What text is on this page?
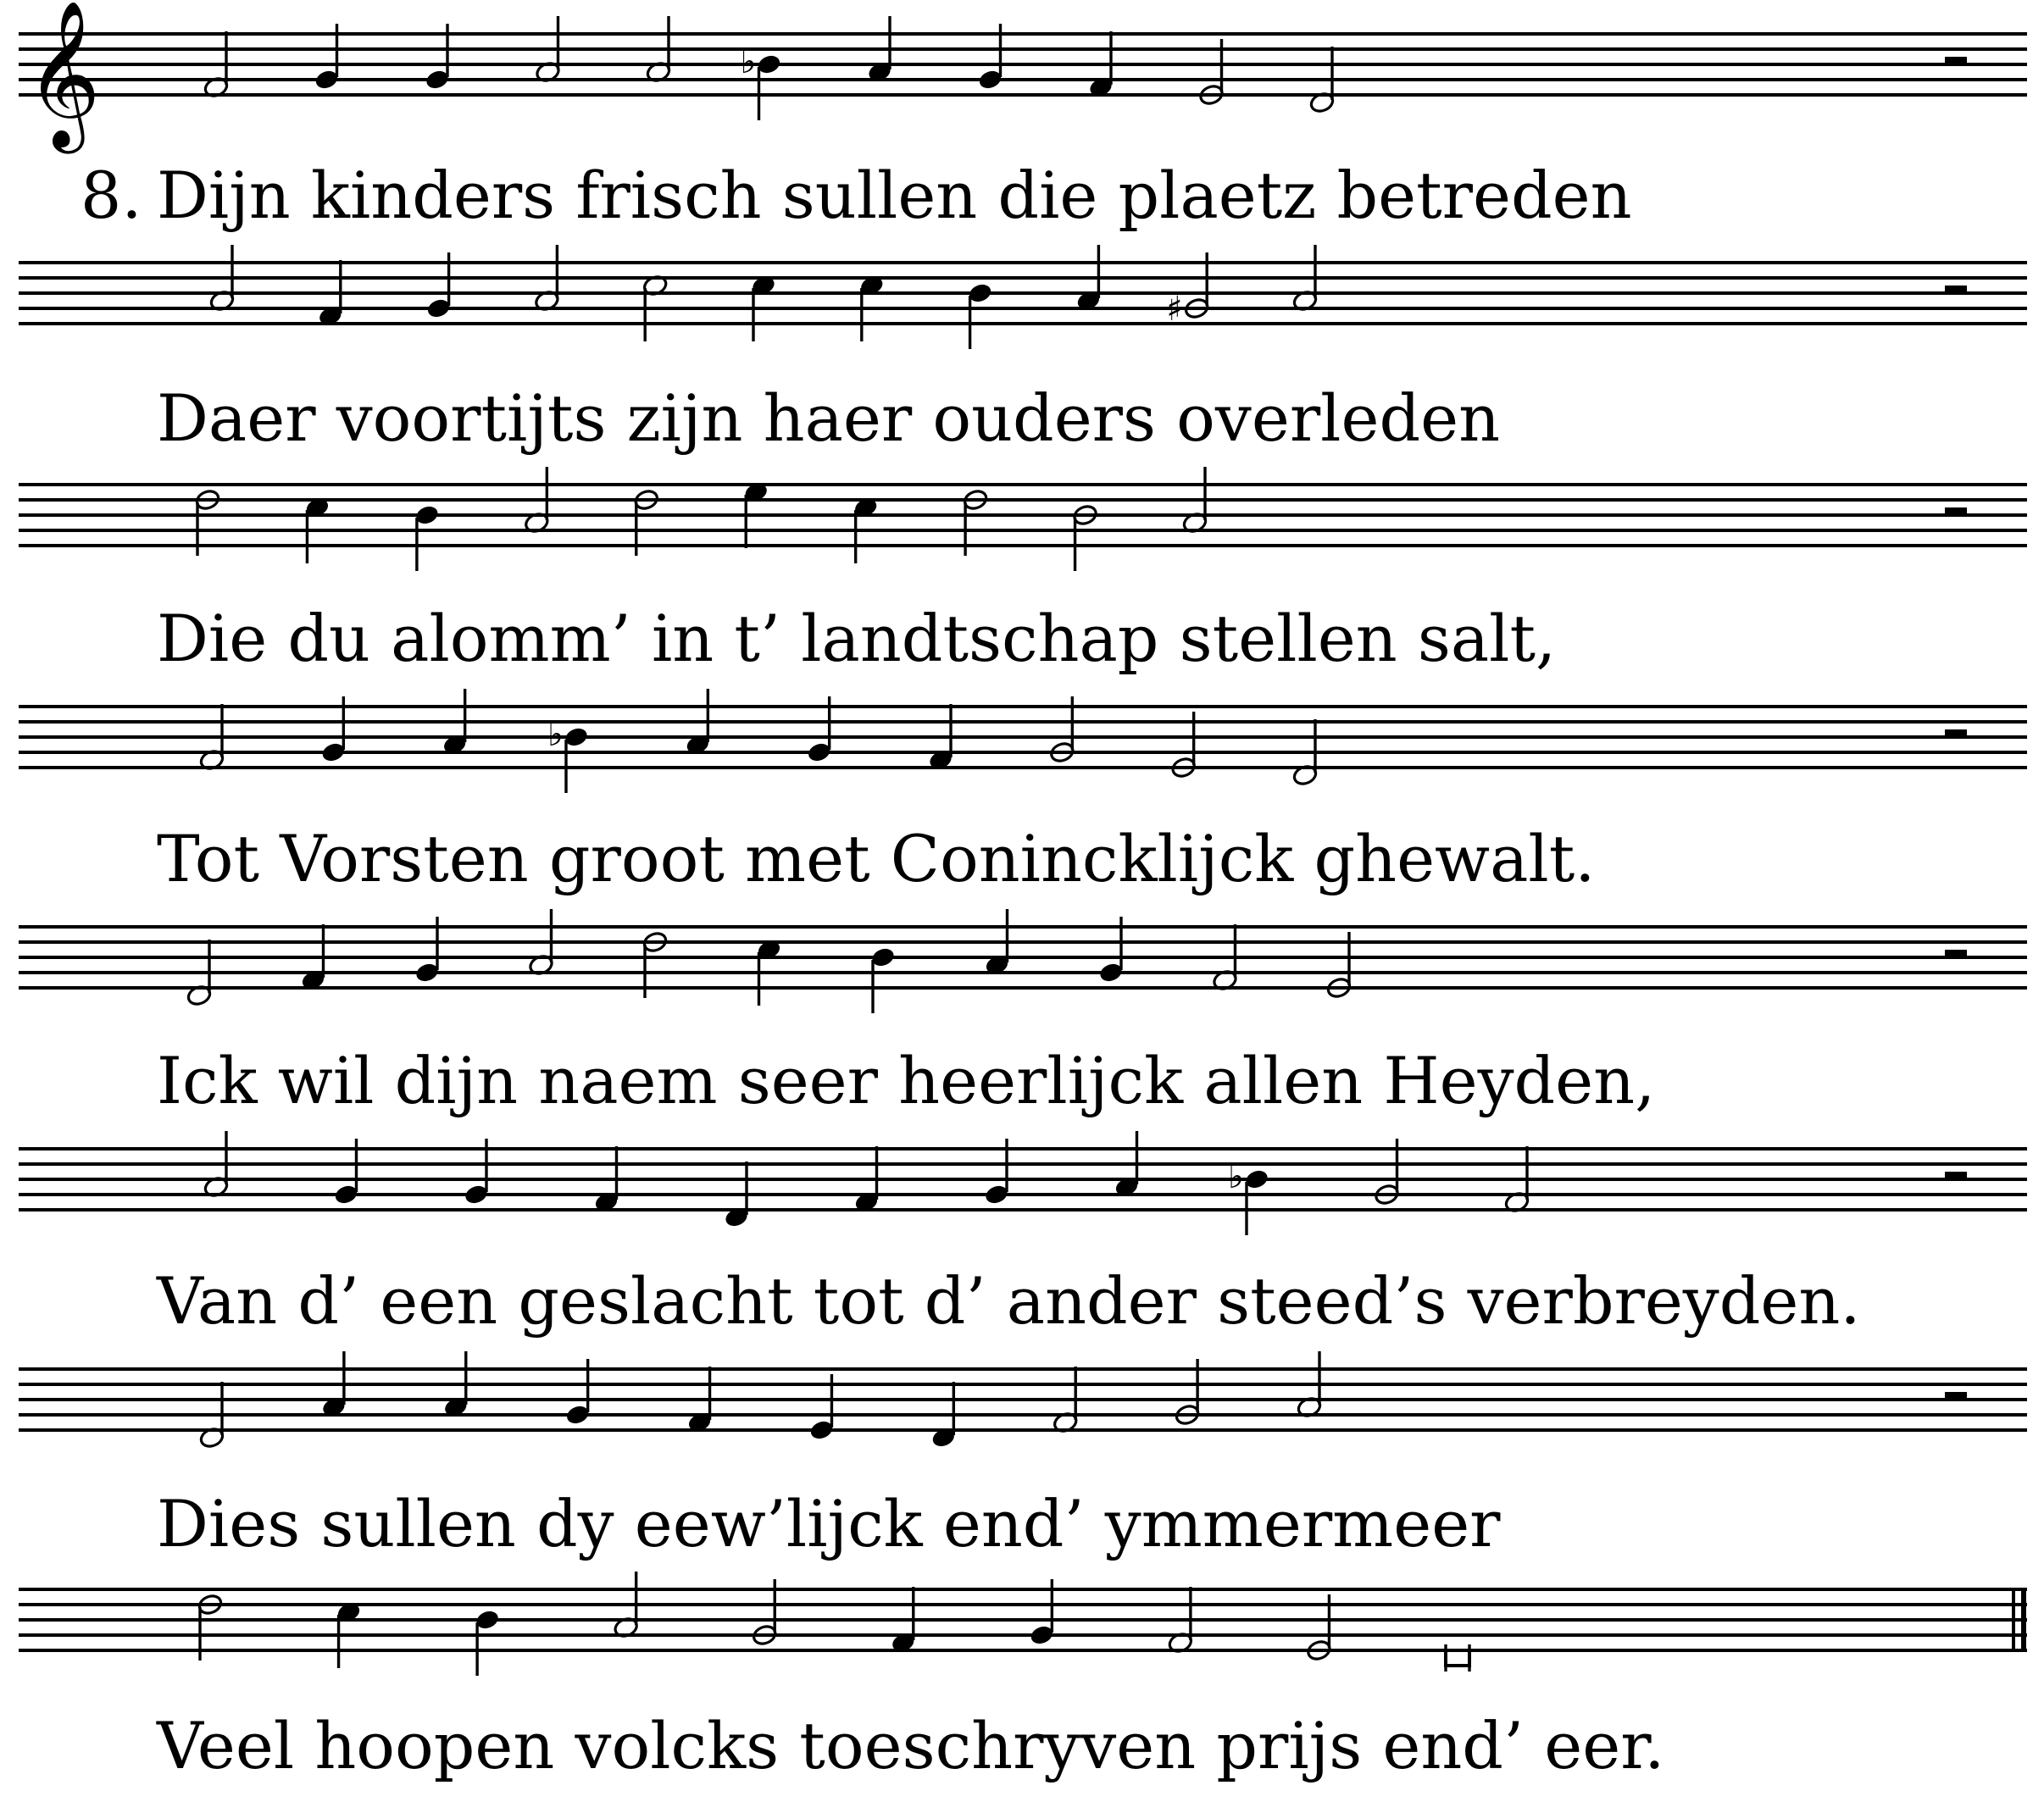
𝄞	♭
8. Dijn kinders frisch sullen die plaetz betreden
♯
Daer voortijts zijn haer ouders overleden
Die du alomm’ in t’ landtschap stellen salt,
♭
Tot Vorsten groot met Conincklijck ghewalt.
Ick wil dijn naem seer heerlijck allen Heyden,
♭
Van d’ een geslacht tot d’ ander steed’s verbreyden.
Dies sullen dy eew’lijck end’ ymmermeer
Veel hoopen volcks toeschryven prijs end’ eer.
